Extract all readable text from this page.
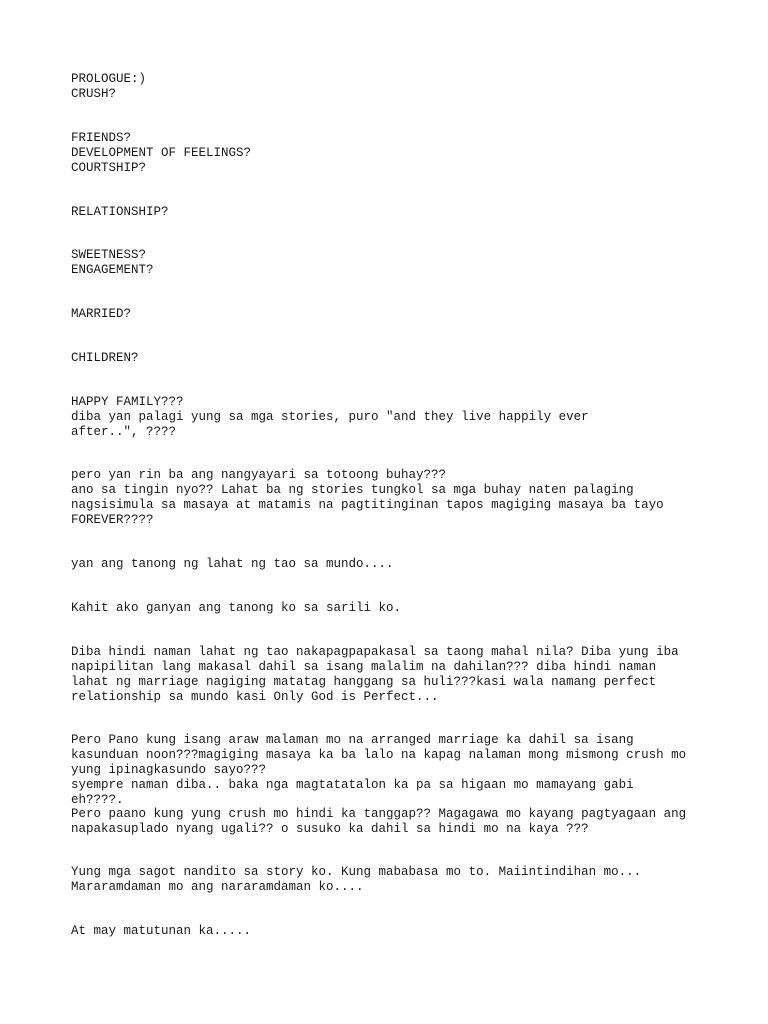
PROLOGUE:)

CRUSH?

FRIENDS?

DEVELOPMENT OF FEELINGS?

COURTSHIP?

RELATIONSHIP?

SWEETNESS?

ENGAGEMENT?

MARRIED?

CHILDREN?

HAPPY FAMILY???

diba yan palagi yung sa mga stories, puro "and they live happily ever

after..", ????

pero yan rin ba ang nangyayari sa totoong buhay???

ano sa tingin nyo?? Lahat ba ng stories tungkol sa mga buhay naten palaging

nagsisimula sa masaya at matamis na pagtitinginan tapos magiging masaya ba tayo

FOREVER????

yan ang tanong ng lahat ng tao sa mundo....

Kahit ako ganyan ang tanong ko sa sarili ko.

Diba hindi naman lahat ng tao nakapagpapakasal sa taong mahal nila? Diba yung iba

napipilitan lang makasal dahil sa isang malalim na dahilan??? diba hindi naman

lahat ng marriage nagiging matatag hanggang sa huli???kasi wala namang perfect

relationship sa mundo kasi Only God is Perfect...

Pero Pano kung isang araw malaman mo na arranged marriage ka dahil sa isang

kasunduan noon???magiging masaya ka ba lalo na kapag nalaman mong mismong crush mo

yung ipinagkasundo sayo???

syempre naman diba.. baka nga magtatatalon ka pa sa higaan mo mamayang gabi

eh????.

Pero paano kung yung crush mo hindi ka tanggap?? Magagawa mo kayang pagtyagaan ang

napakasuplado nyang ugali?? o susuko ka dahil sa hindi mo na kaya ???

Yung mga sagot nandito sa story ko. Kung mababasa mo to. Maiintindihan mo...

Mararamdaman mo ang nararamdaman ko....

At may matutunan ka.....
